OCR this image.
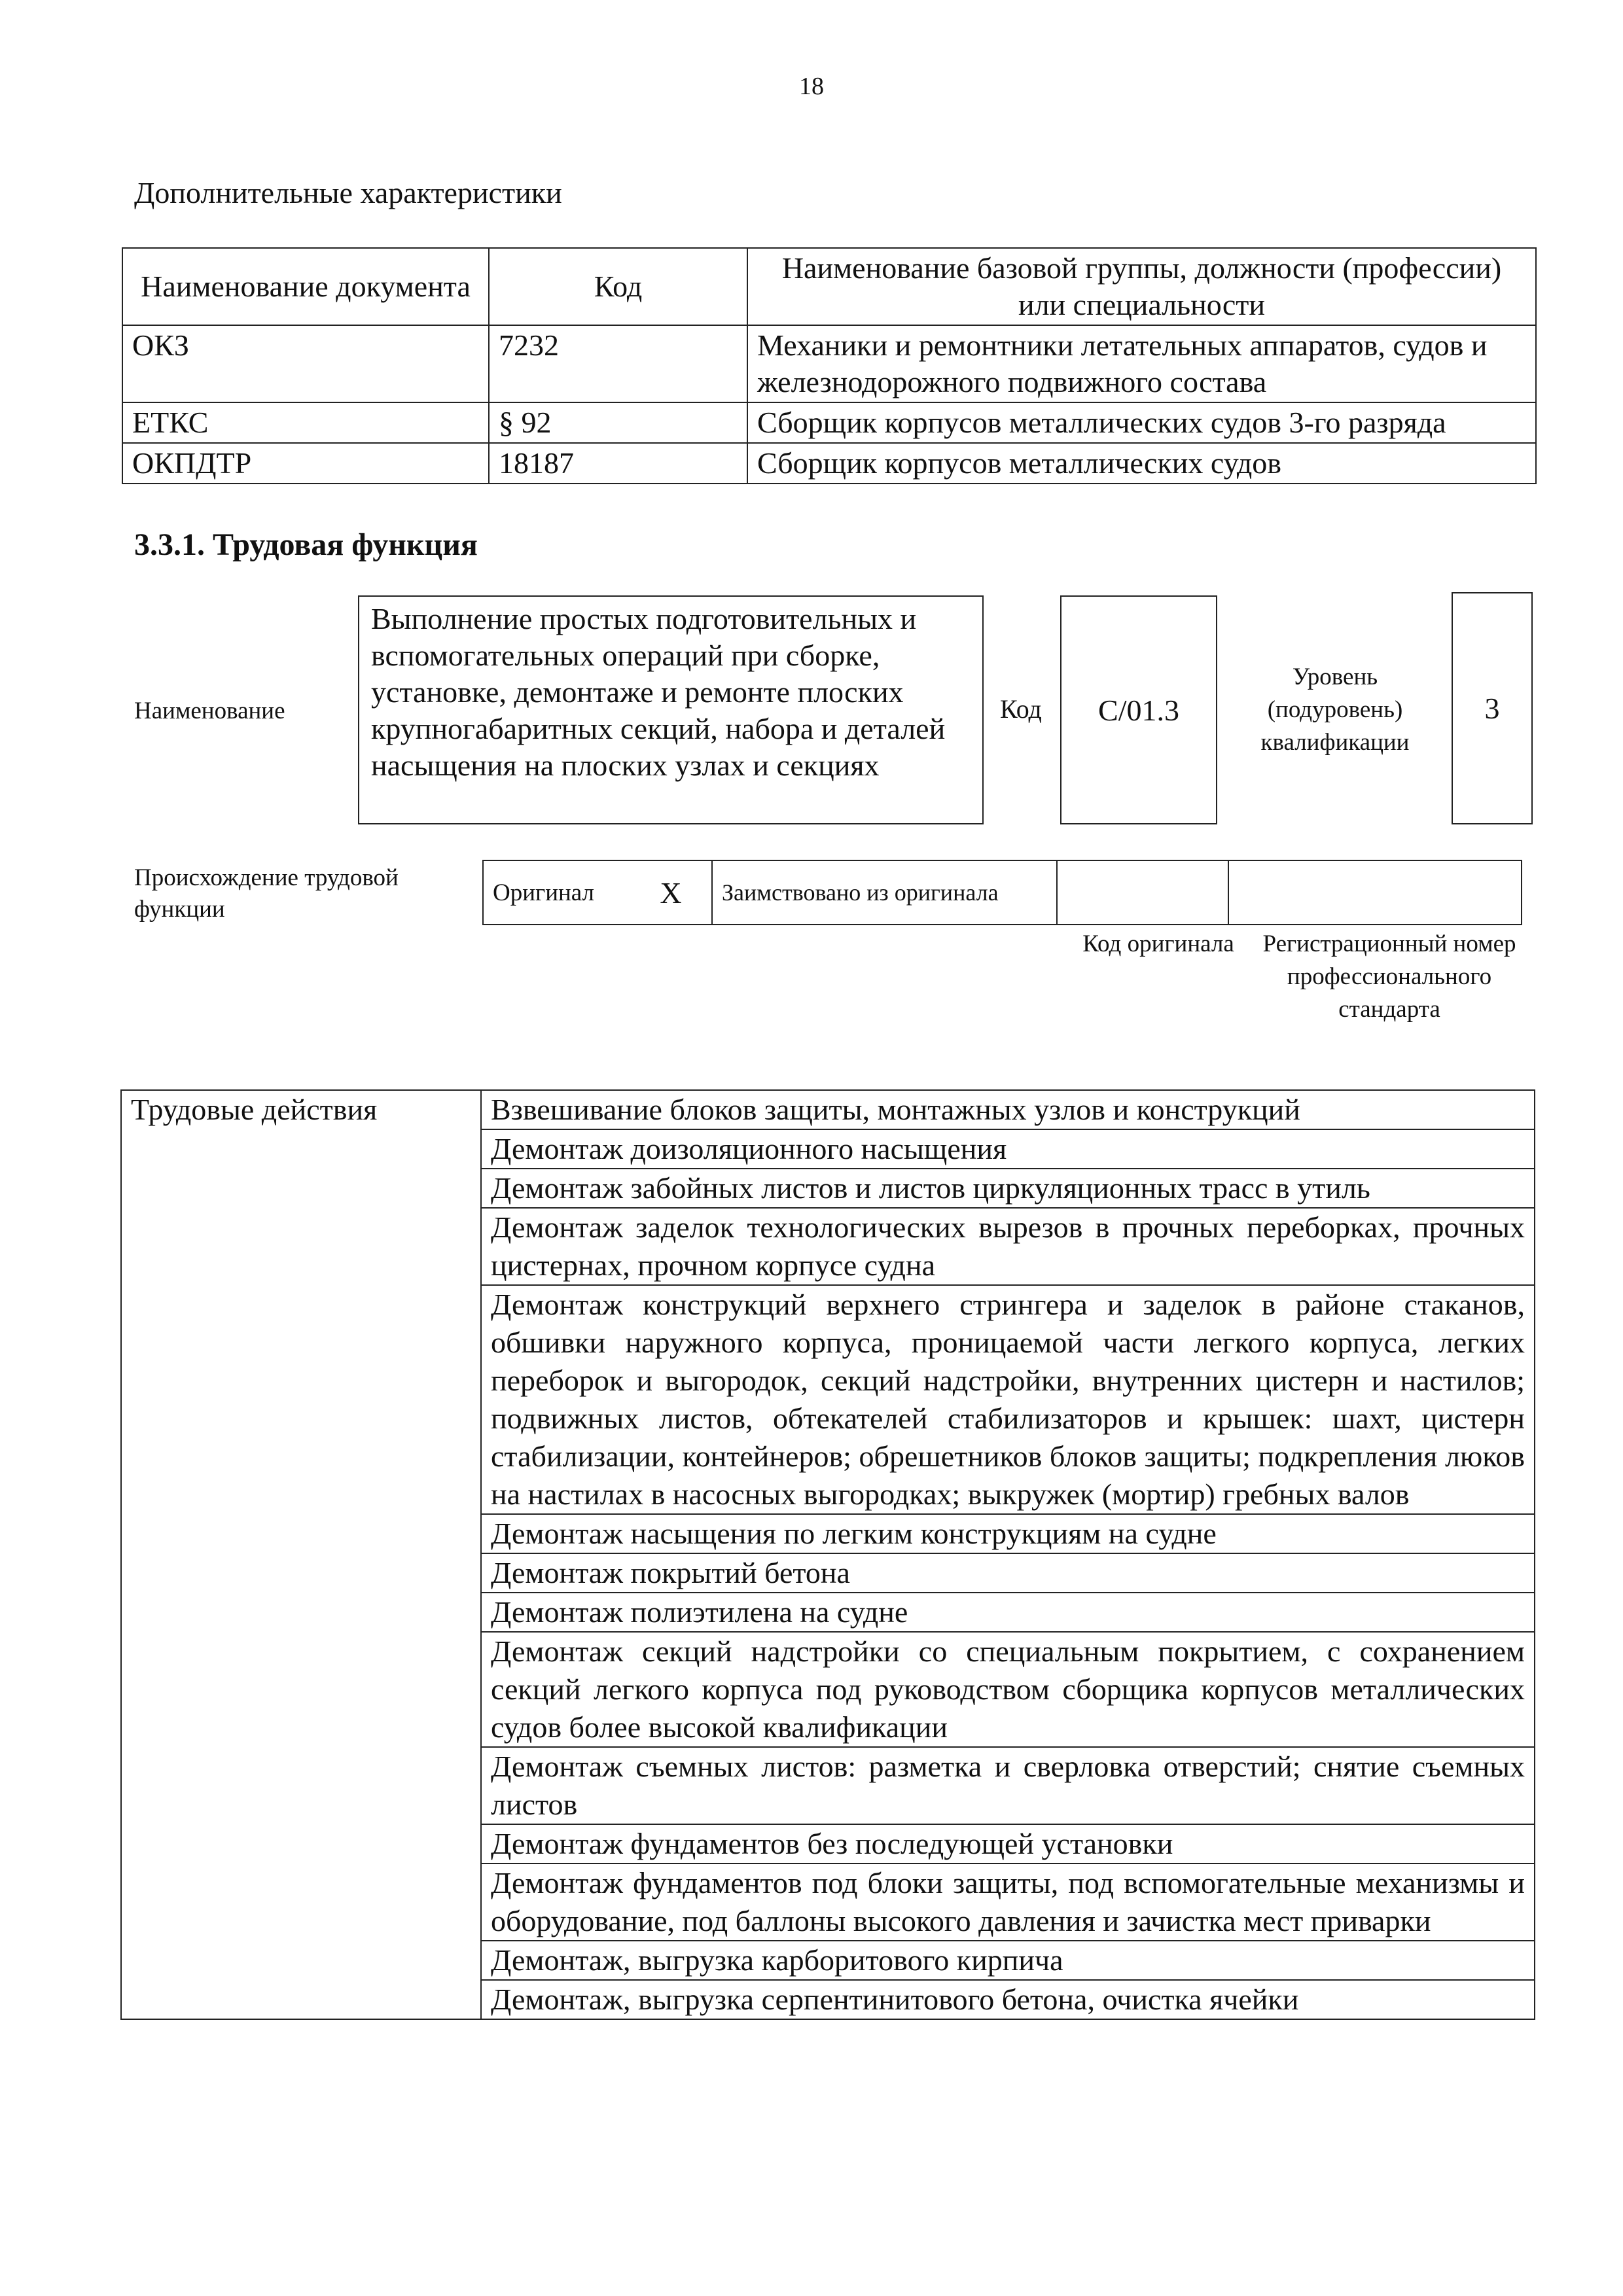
18
Дополнительные характеристики
Наименование документа	Код	Наименование базовой группы, должности (профессии) или специальности
ОКЗ	7232	Механики и ремонтники летательных аппаратов, судов и железнодорожного подвижного состава
ЕТКС	§ 92	Сборщик корпусов металлических судов 3-го разряда
ОКПДТР	18187	Сборщик корпусов металлических судов
3.3.1. Трудовая функция
Наименование
Выполнение простых подготовительных и вспомогательных операций при сборке, установке, демонтаже и ремонте плоских крупногабаритных секций, набора и деталей насыщения на плоских узлах и секциях
Код C/01.3
Уровень (подуровень) квалификации
3
Происхождение трудовой функции
Оригинал	X	Заимствовано из оригинала		
Код оригинала	Регистрационный номер профессионального стандарта
Трудовые действия	Взвешивание блоков защиты, монтажных узлов и конструкций
Демонтаж доизоляционного насыщения
Демонтаж забойных листов и листов циркуляционных трасс в утиль
Демонтаж заделок технологических вырезов в прочных переборках, прочных цистернах, прочном корпусе судна
Демонтаж конструкций верхнего стрингера и заделок в районе стаканов, обшивки наружного корпуса, проницаемой части легкого корпуса, легких переборок и выгородок, секций надстройки, внутренних цистерн и настилов; подвижных листов, обтекателей стабилизаторов и крышек: шахт, цистерн стабилизации, контейнеров; обрешетников блоков защиты; подкрепления люков на настилах в насосных выгородках; выкружек (мортир) гребных валов
Демонтаж насыщения по легким конструкциям на судне
Демонтаж покрытий бетона
Демонтаж полиэтилена на судне
Демонтаж секций надстройки со специальным покрытием, с сохранением секций легкого корпуса под руководством сборщика корпусов металлических судов более высокой квалификации
Демонтаж съемных листов: разметка и сверловка отверстий; снятие съемных листов
Демонтаж фундаментов без последующей установки
Демонтаж фундаментов под блоки защиты, под вспомогательные механизмы и оборудование, под баллоны высокого давления и зачистка мест приварки
Демонтаж, выгрузка карборитового кирпича
Демонтаж, выгрузка серпентинитового бетона, очистка ячейки
